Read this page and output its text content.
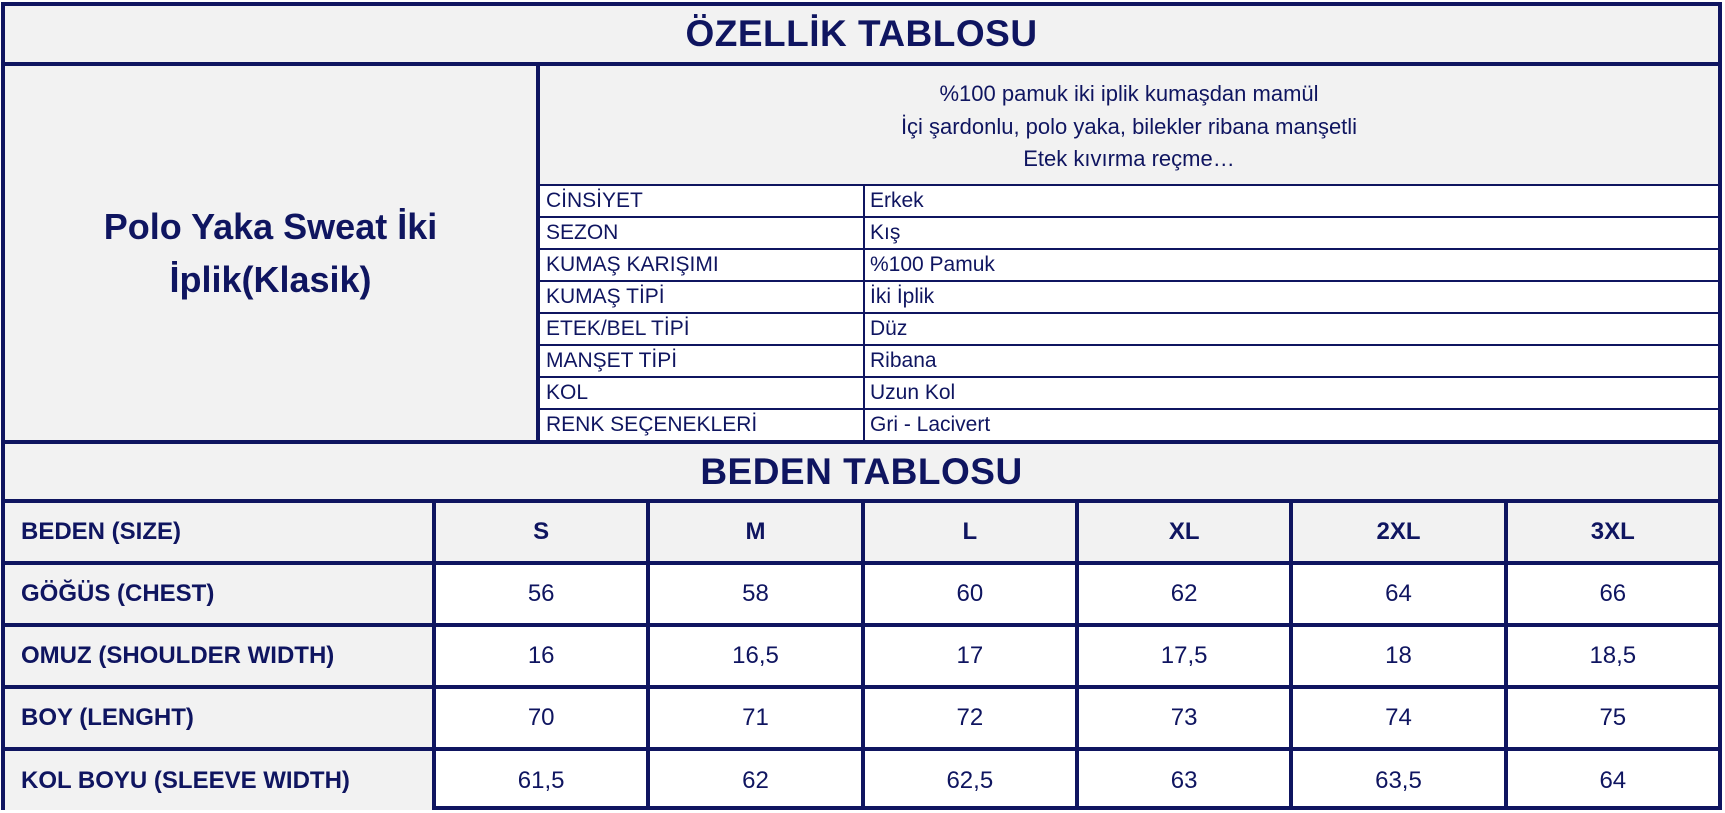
ÖZELLİK TABLOSU
Polo Yaka Sweat İki İplik(Klasik)
%100 pamuk iki iplik kumaşdan mamül
İçi şardonlu, polo yaka, bilekler ribana manşetli
Etek kıvırma reçme…
CİNSİYET	Erkek
SEZON	Kış
KUMAŞ KARIŞIMI	%100 Pamuk
KUMAŞ TİPİ	İki İplik
ETEK/BEL TİPİ	Düz
MANŞET TİPİ	Ribana
KOL	Uzun Kol
RENK SEÇENEKLERİ	Gri - Lacivert
BEDEN TABLOSU
BEDEN (SIZE)	S	M	L	XL	2XL	3XL
GÖĞÜS (CHEST)	56	58	60	62	64	66
OMUZ (SHOULDER WIDTH)	16	16,5	17	17,5	18	18,5
BOY (LENGHT)	70	71	72	73	74	75
KOL BOYU (SLEEVE WIDTH)	61,5	62	62,5	63	63,5	64
